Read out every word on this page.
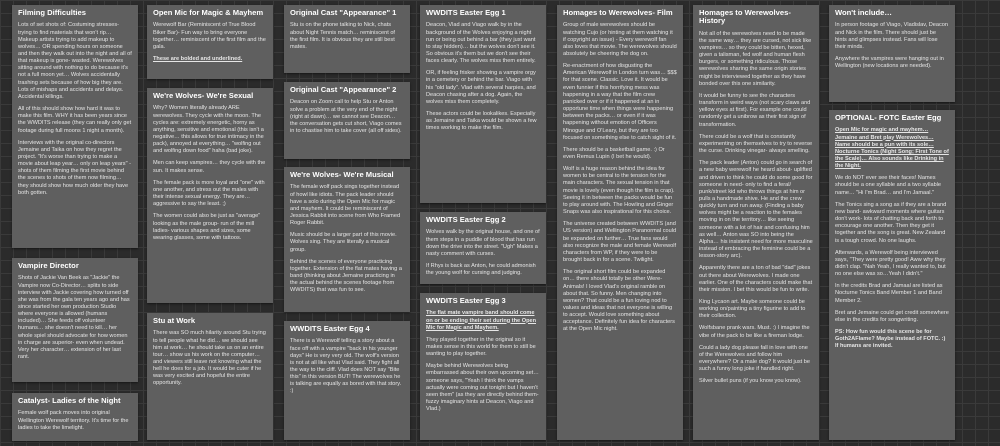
Filming Difficulties

Lots of set shots of: Costuming stresses- trying to find materials that won't rip… Makeup artists trying to add makeup to wolves… OR spending hours on someone and then they walk out into the night and all of that makeup is gone- wasted. Werewolves sitting around with nothing to do because it's not a full moon yet… Wolves accidentally trashing sets because of how big they are. Lots of mishaps and accidents and delays. Accidental killings.

All of this should show how hard it was to make this film. WHY it has been years since the WWDITS release (they can really only get footage during full moons 1 night a month).

Interviews with the original co-directors Jemaine and Taika on how they regret the project. "It's worse than trying to make a movie about leap year… only on leap years" - shots of them filming the first movie behind the scenes to shots of them now filming… they should show how much older they have both gotten.

Vampire Director

Shots of Jackie Van Beek as "Jackie" the Vampire now Co-Director… splits to side interview with Jackie covering how turned off she was from the gala ten years ago and has since started her own production Studio where everyone is allowed (humans included)… She feeds off volunteer humans… she doesn't need to kill… her whole spiel should advocate for how women in charge are superior- even when undead. Very her character… extension of her last rant.

Catalyst- Ladies of the Night

Female wolf pack moves into original Wellington Werewolf territory. It's time for the ladies to take the limelight.

Open Mic for Magic & Mayhem

Werewolf Bar (Reminiscent of True Blood Biker Bar)- Fun way to bring everyone together… reminiscent of the first film and the gala.

These are bolded and underlined.

We're Wolves- We're Sexual

Why? Women literally already ARE werewolves. They cycle with the moon. The cycles are: extremely energetic, horny as anything, sensitive and emotional (this isn't a negative… this allows for true intimacy in the pack), annoyed at everything… "wolfing out and wolfing down food" haha (bad joke).

Men can keep vampires… they cycle with the sun. It makes sense.

The female pack is more loyal and "one" with one another, and stress out the males with their intense sexual energy. They are… aggressive to say the least. ;)

The women could also be just as "average" looking as the male group- run of the mill ladies- various shapes and sizes, some wearing glasses, some with tattoos.

Stu at Work

There was SO much hilarity around Stu trying to tell people what he did… we should see him at work… he should take us on an entire tour… show us his work on the computer… and viewers still leave not knowing what the hell he does for a job. It would be cuter if he was very excited and hopeful the entire opportunity.

Original Cast "Appearance" 1

Stu is on the phone talking to Nick, chats about Night Tennis match… reminiscent of the first film. It is obvious they are still best mates.

Original Cast "Appearance" 2

Deacon on Zoom call to help Stu or Anton solve a problem at the very end of the night (right at dawn)… we cannot see Deacon… the conversation gets cut short, Viago comes in to chastise him to take cover (all off sides).

We're Wolves- We're Musical

The female wolf pack sings together instead of howl like idiots. The pack leader should have a solo during the Open Mic for magic and mayhem. It could be reminiscent of Jessica Rabbit into scene from Who Framed Roger Rabbit.

Music should be a larger part of this movie. Wolves sing. They are literally a musical group.

Behind the scenes of everyone practicing together. Extension of the flat mates having a band (thinking about Jemaine practicing in the actual behind the scenes footage from WWDITS) that was fun to see.

WWDITS Easter Egg 4

There is a Werewolf telling a story about a face off with a vampire "back in his younger days" He is very very old. The wolf's version is not at all like what Vlad said. They fight all the way to the cliff. Vlad does NOT say "Bite this" in this version BUT! The werewolves he is talking are equally as bored with that story. :)

WWDITS Easter Egg 1

Deacon, Vlad and Viago walk by in the background of the Wolves enjoying a night run or being out behind a bar (they just want to stay hidden)… but the wolves don't see it. So obvious it's them but we don't see their faces clearly. The wolves miss them entirely.

OR, if feeling frisker showing a vampire orgy in a cemetery or behind the bar. Viago with his "old lady". Vlad with several harpies, and Deacon chasing after a dog. Again, the wolves miss them completely.

These actors could be lookalikes. Especially as Jemaine and Taika would be shown a few times working to make the film.

WWDITS Easter Egg 2

Wolves walk by the original house, and one of them steps in a puddle of blood that has run down the drive into the street. "Ugh" Makes a nasty comment with curses.

If Rhys is back as Anton, he could admonish the young wolf for cursing and judging.

WWDITS Easter Egg 3

The flat mate vampire band should come on or be ending their set during the Open Mic for Magic and Mayhem.

They played together in the original so it makes sense in this world for them to still be wanting to play together.

Maybe behind Werewolves being embarrassed about their own upcoming set… someone says, "Yeah I think the vamps actually were coming out tonight but I haven't seen them" (as they are directly behind them- fuzzy imaginary hints at Deacon, Viago and Vlad.)

Homages to Werewolves- Film

Group of male werewolves should be watching Cujo (or hinting at them watching it if copyright an issue) - Every werewolf fan also loves that movie. The werewolves should absolutely be cheering the dog on.

Re-enactment of how disgusting the American Werewolf in London turn was… $$$ for that scene. Classic. Love it. It would be even funnier if this horrifying mess was happening in a way that the film crew panicked over or if it happened at an in opportune time when things were happening between the packs… or even if it was happening without emotion of Officers Minogue and O'Leary, but they are too focused on something else to catch sight of it.

There should be a basketball game. :) Or even Remus Lupin (I bet he would).

Wolf is a huge reason behind the idea for women to be central to the tension for the main characters. The sexual tension in that movie is lovely (even though the film is crap). Seeing it in between the packs would be fun to play around with. The Howling and Ginger Snaps was also inspirational for this choice.

The universe created between WWDITS (and US version) and Wellington Paranormal could be expanded on further… True fans would also recognize the male and female Werewolf characters from WP, if they were to be brought back in for a scene. Twilight.

The original short film could be expanded on… there should totally be other Were-Animals! I loved Vlad's original ramble on about that. So funny. Men changing into women? That could be a fun loving nod to values and ideas that not everyone is willing to accept. Would love something about acceptance. Definitely fun idea for characters at the Open Mic night.

Homages to Werewolves- History

Not all of the werewolves need to be made the same way… they are cursed, not sick like vampires… so they could be bitten, hexed, given a talisman, fed wolf and human flesh burgers, or something ridiculous. Those werewolves sharing the same origin stories might be interviewed together as they have bonded over this one similarity.

It would be funny to see the characters transform in weird ways (not scary claws and yellow eyes at first). For example one could randomly get a unibrow as their first sign of transformation.

There could be a wolf that is constantly experimenting on themselves to try to reverse the curse. Drinking vinegar- always smelling.

The pack leader (Anton) could go in search of a new baby werewolf he heard about- uplifted and driven to think he could do some good for someone in need- only to find a feral/ punk/street kid who throws things at him or pulls a handmade shive. He and the crew quickly turn and run away. (Finding a baby wolves might be a reaction to the females moving in on the territory… like seeing someone with a lot of hair and confusing him as well… Anton was SO into being the Alpha… his insistent need for more masculine instead of embracing the feminine could be a lesson-story arc).

Apparently there are a ton of bad "dad" jokes out there about Werewolves. I made one earlier. One of the characters could make that their mission. I bet this would be fun to write.

King Lycaon art. Maybe someone could be working on/painting a tiny figurine to add to their collection.

Wolfsbane prank wars. Must. :) I imagine the vibe of the pack to be like a fireman lodge.

Could a lady dog please fall in love with one of the Werewolves and follow him everywhere? Or a male dog? It would just be such a funny long joke if handled right.

Silver bullet puns (if you know you know).

Won't include…

In person footage of Viago, Vladislav, Deacon and Nick in the film. There should just be hints and glimpses instead. Fans will lose their minds.

Anywhere the vampires were hanging out in Wellington (new locations are needed).

OPTIONAL- FOTC Easter Egg

Open Mic for magic and mayhem… Jemaine and Bret play Werewolves… Name should be a pun with its sole… Nocturne Tonics (Night Song; First Tone of the Scale)… Also sounds like Drinking in the Night.

We do NOT ever see their faces! Names should be a one syllable and a two syllable name… "Hi I'm Brad… and I'm Jamaal."

The Tonics sing a song as if they are a brand new band- awkward moments where guitars don't work- lots of chatting back and forth to encourage one another. Then they get it together and the song is great. New Zealand is a tough crowd. No one laughs.

Afterwards, a Werewolf being interviewed says, "They were pretty good! Aww why they didn't clap. "Nah Yeah, I really wanted to, but no one else was so…Yeah I didn't."

In the credits Brad and Jamaal are listed as Nocturne Tonics Band Member 1 and Band Member 2.

Bret and Jemaine could get credit somewhere else in the credits for songwriting.

PS: How fun would this scene be for Goth2AFlame? Maybe instead of FOTC. :) If humans are invited.
